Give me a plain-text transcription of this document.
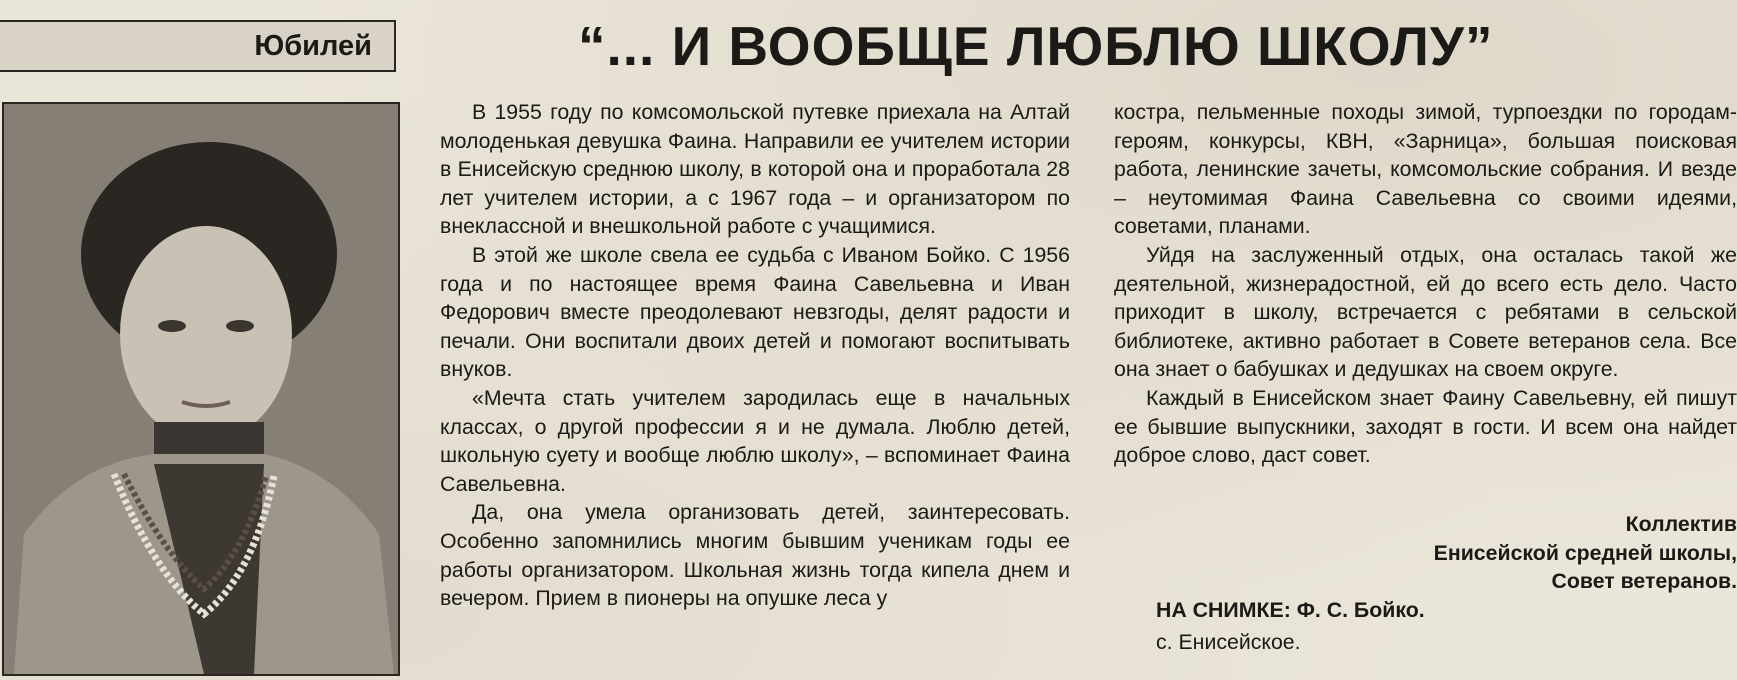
Юбилей	“... И ВООБЩЕ ЛЮБЛЮ ШКОЛУ”

В 1955 году по комсомольской путевке приехала на Алтай молоденькая девушка Фаина. Направили ее учителем истории в Енисейскую среднюю школу, в которой она и проработала 28 лет учителем истории, а с 1967 года – и организатором по внеклассной и внешкольной работе с учащимися.

В этой же школе свела ее судьба с Иваном Бойко. С 1956 года и по настоящее время Фаина Савельевна и Иван Федорович вместе преодолевают невзгоды, делят радости и печали. Они воспитали двоих детей и помогают воспитывать внуков.

«Мечта стать учителем зародилась еще в начальных классах, о другой профессии я и не думала. Люблю детей, школьную суету и вообще люблю школу», – вспоминает Фаина Савельевна.

Да, она умела организовать детей, заинтересовать. Особенно запомнились многим бывшим ученикам годы ее работы организатором. Школьная жизнь тогда кипела днем и вечером. Прием в пионеры на опушке леса у

костра, пельменные походы зимой, турпоездки по городам-героям, конкурсы, КВН, «Зарница», большая поисковая работа, ленинские зачеты, комсомольские собрания. И везде – неутомимая Фаина Савельевна со своими идеями, советами, планами.

Уйдя на заслуженный отдых, она осталась такой же деятельной, жизнерадостной, ей до всего есть дело. Часто приходит в школу, встречается с ребятами в сельской библиотеке, активно работает в Совете ветеранов села. Все она знает о бабушках и дедушках на своем округе.

Каждый в Енисейском знает Фаину Савельевну, ей пишут ее бывшие выпускники, заходят в гости. И всем она найдет доброе слово, даст совет.

Коллектив
Енисейской средней школы,
Совет ветеранов.
НА СНИМКЕ: Ф. С. Бойко.
с. Енисейское.
